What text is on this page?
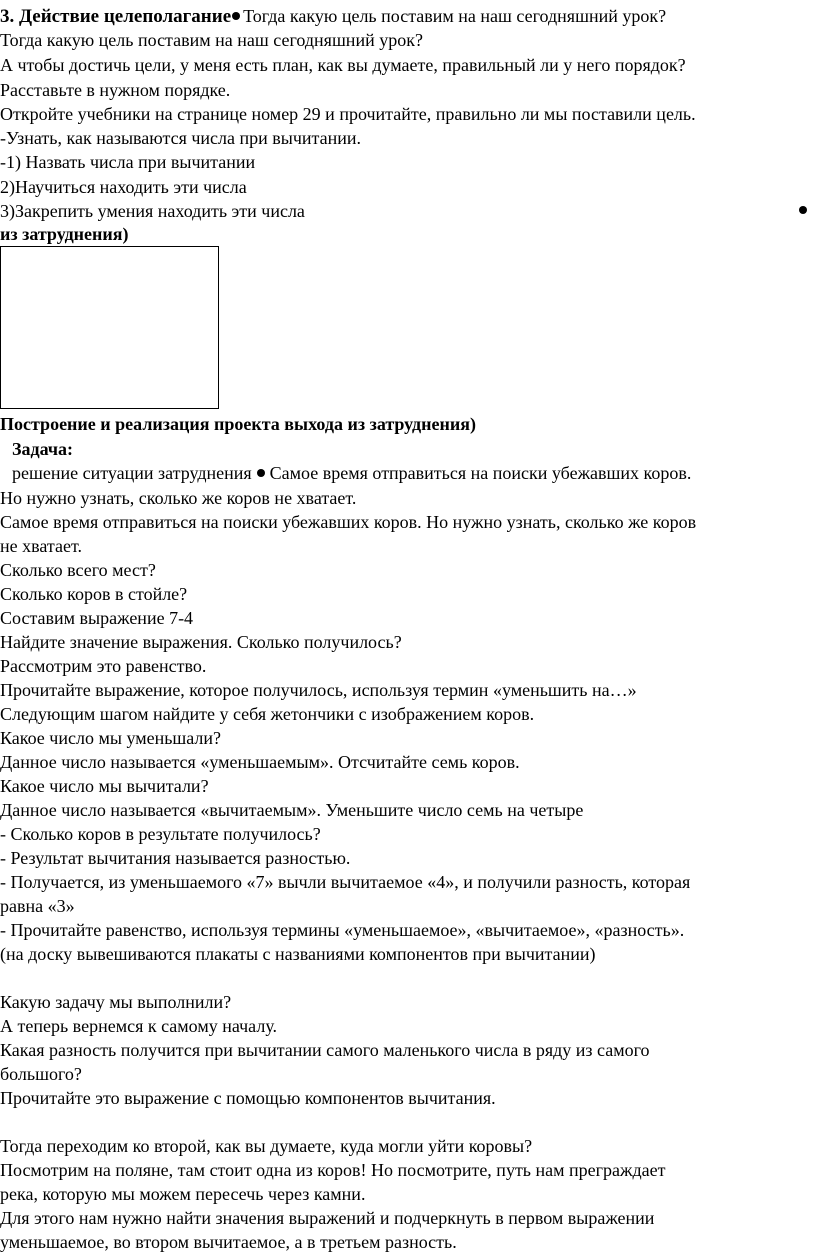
3. Действие целеполагание Тогда какую цель поставим на наш сегодняшний урок?
Тогда какую цель поставим на наш сегодняшний урок?
А чтобы достичь цели, у меня есть план, как вы думаете, правильный ли у него порядок?
Расставьте в нужном порядке.
Откройте учебники на странице номер 29 и прочитайте, правильно ли мы поставили цель.
-Узнать, как называются числа при вычитании.
-1) Назвать числа при вычитании
2)Научиться находить эти числа
3)Закрепить умения находить эти числа
из затруднения)
Построение и реализация проекта выхода из затруднения)
Задача:
решение ситуации затруднения Самое время отправиться на поиски убежавших коров.
Но нужно узнать, сколько же коров не хватает.
Самое время отправиться на поиски убежавших коров. Но нужно узнать, сколько же коров
не хватает.
Сколько всего мест?
Сколько коров в стойле?
Составим выражение 7-4
Найдите значение выражения. Сколько получилось?
Рассмотрим это равенство.
Прочитайте выражение, которое получилось, используя термин «уменьшить на…»
Следующим шагом найдите у себя жетончики с изображением коров.
Какое число мы уменьшали?
Данное число называется «уменьшаемым». Отсчитайте семь коров.
Какое число мы вычитали?
Данное число называется «вычитаемым». Уменьшите число семь на четыре
- Сколько коров в результате получилось?
- Результат вычитания называется разностью.
- Получается, из уменьшаемого «7» вычли вычитаемое «4», и получили разность, которая
равна «3»
- Прочитайте равенство, используя термины «уменьшаемое», «вычитаемое», «разность».
(на доску вывешиваются плакаты с названиями компонентов при вычитании)
Какую задачу мы выполнили?
А теперь вернемся к самому началу.
Какая разность получится при вычитании самого маленького числа в ряду из самого
большого?
Прочитайте это выражение с помощью компонентов вычитания.
Тогда переходим ко второй, как вы думаете, куда могли уйти коровы?
Посмотрим на поляне, там стоит одна из коров! Но посмотрите, путь нам преграждает
река, которую мы можем пересечь через камни.
Для этого нам нужно найти значения выражений и подчеркнуть в первом выражении
уменьшаемое, во втором вычитаемое, а в третьем разность.
